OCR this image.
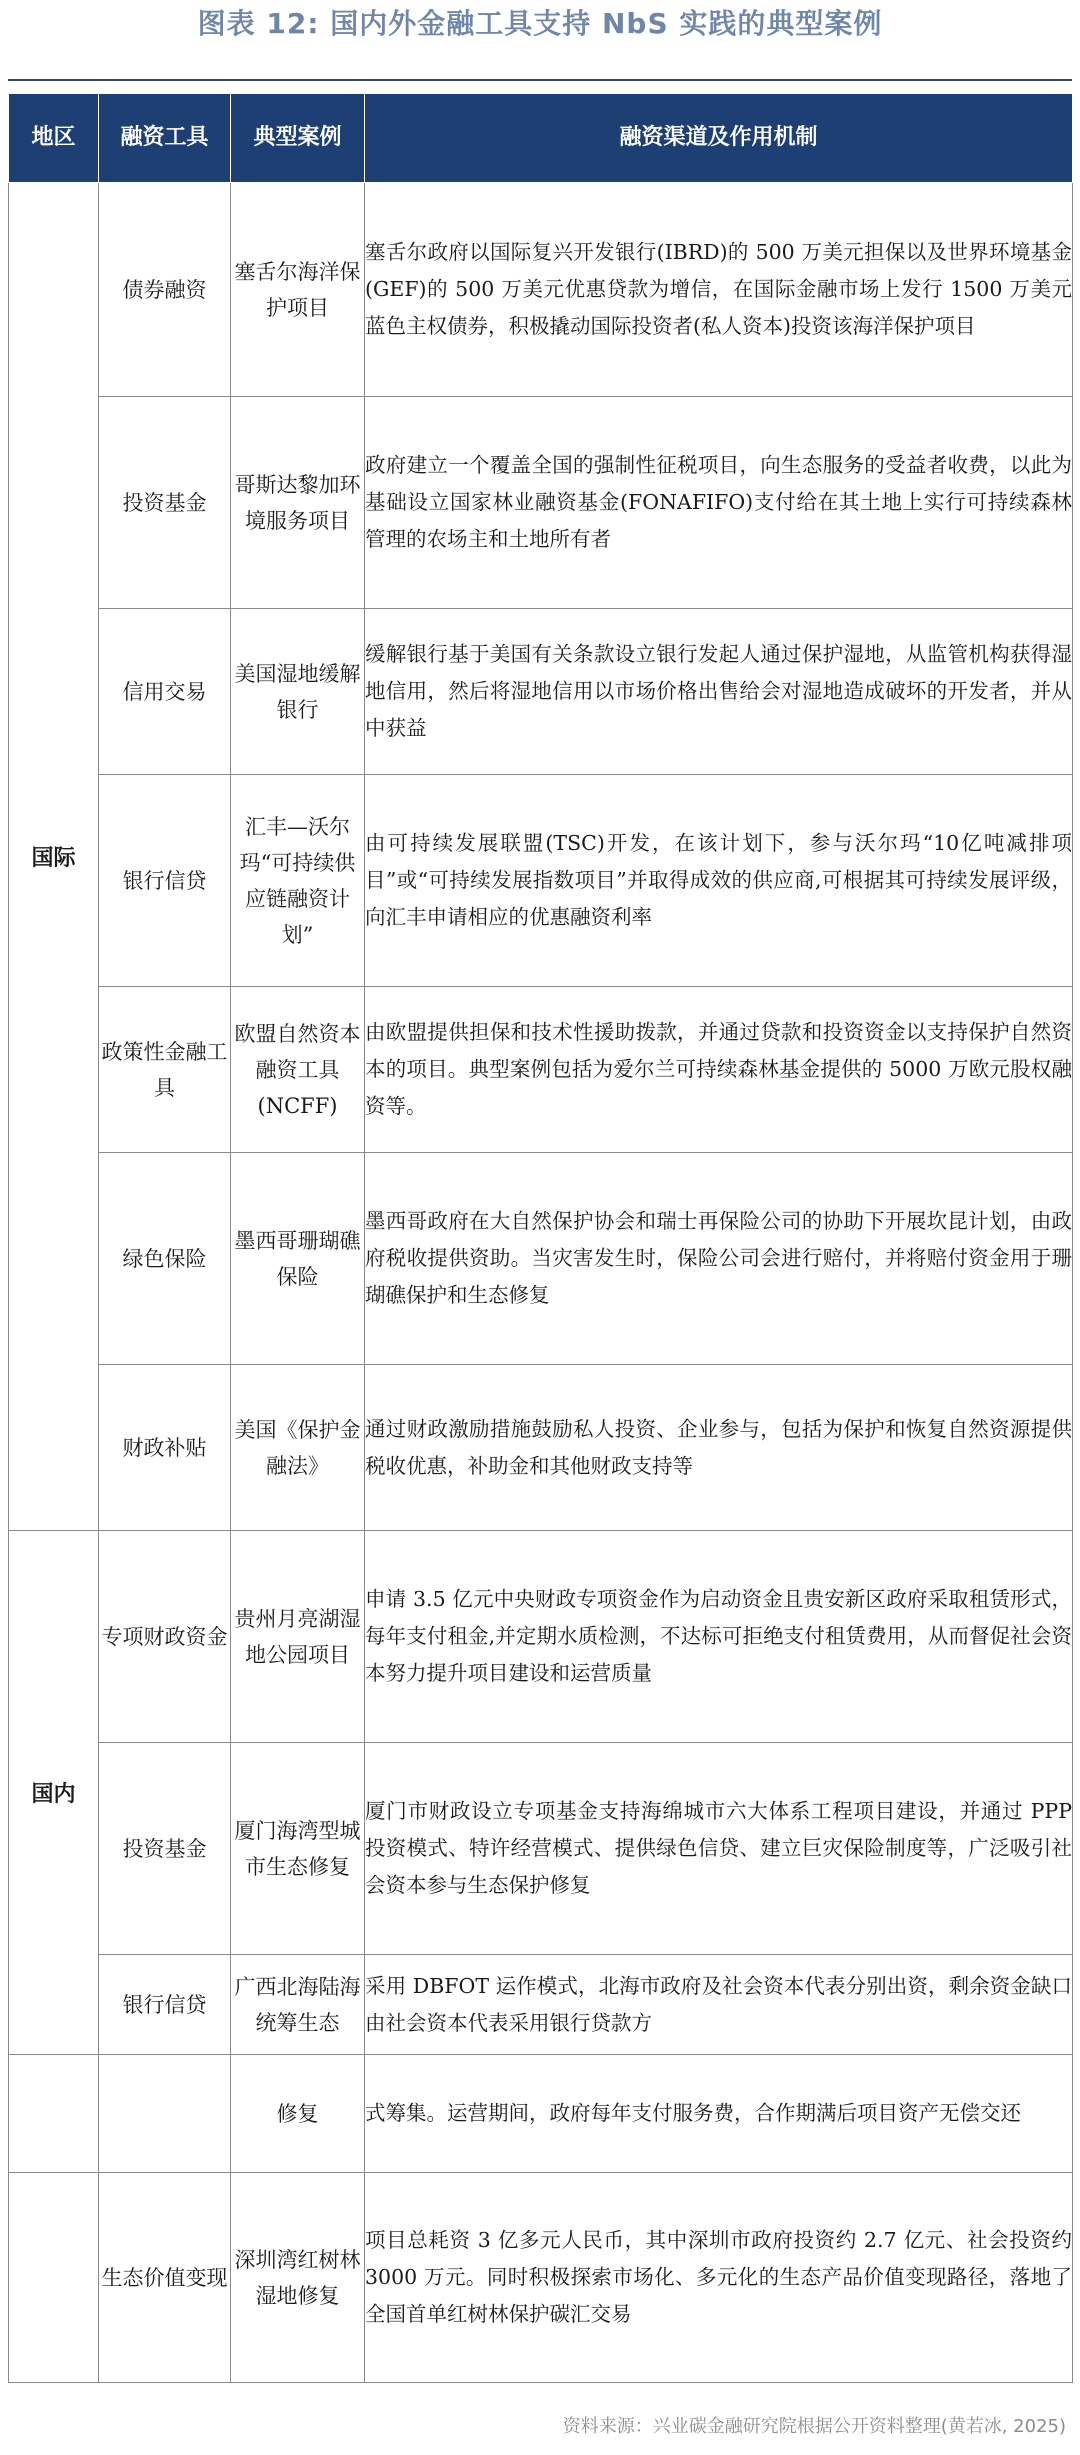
图表 12: 国内外金融工具支持 NbS 实践的典型案例
地区	融资工具	典型案例	融资渠道及作用机制
国际	债券融资	塞舌尔海洋保护项目	塞舌尔政府以国际复兴开发银行(IBRD)的 500 万美元担保以及世界环境基金(GEF)的 500 万美元优惠贷款为增信，在国际金融市场上发行 1500 万美元蓝色主权债券，积极撬动国际投资者(私人资本)投资该海洋保护项目
	投资基金	哥斯达黎加环境服务项目	政府建立一个覆盖全国的强制性征税项目，向生态服务的受益者收费，以此为基础设立国家林业融资基金(FONAFIFO)支付给在其土地上实行可持续森林管理的农场主和土地所有者
	信用交易	美国湿地缓解银行	缓解银行基于美国有关条款设立银行发起人通过保护湿地，从监管机构获得湿地信用，然后将湿地信用以市场价格出售给会对湿地造成破坏的开发者，并从中获益
	银行信贷	汇丰—沃尔玛“可持续供应链融资计划”	由可持续发展联盟(TSC)开发，在该计划下，参与沃尔玛“10亿吨减排项目”或“可持续发展指数项目”并取得成效的供应商,可根据其可持续发展评级，向汇丰申请相应的优惠融资利率
	政策性金融工具	欧盟自然资本融资工具(NCFF)	由欧盟提供担保和技术性援助拨款，并通过贷款和投资资金以支持保护自然资本的项目。典型案例包括为爱尔兰可持续森林基金提供的 5000 万欧元股权融资等。
	绿色保险	墨西哥珊瑚礁保险	墨西哥政府在大自然保护协会和瑞士再保险公司的协助下开展坎昆计划，由政府税收提供资助。当灾害发生时，保险公司会进行赔付，并将赔付资金用于珊瑚礁保护和生态修复
	财政补贴	美国《保护金融法》	通过财政激励措施鼓励私人投资、企业参与，包括为保护和恢复自然资源提供税收优惠，补助金和其他财政支持等
国内	专项财政资金	贵州月亮湖湿地公园项目	申请 3.5 亿元中央财政专项资金作为启动资金且贵安新区政府采取租赁形式，每年支付租金,并定期水质检测，不达标可拒绝支付租赁费用，从而督促社会资本努力提升项目建设和运营质量
	投资基金	厦门海湾型城市生态修复	厦门市财政设立专项基金支持海绵城市六大体系工程项目建设，并通过 PPP 投资模式、特许经营模式、提供绿色信贷、建立巨灾保险制度等，广泛吸引社会资本参与生态保护修复
	银行信贷	广西北海陆海统筹生态	采用 DBFOT 运作模式，北海市政府及社会资本代表分别出资，剩余资金缺口由社会资本代表采用银行贷款方
		修复	式筹集。运营期间，政府每年支付服务费，合作期满后项目资产无偿交还
	生态价值变现	深圳湾红树林湿地修复	项目总耗资 3 亿多元人民币，其中深圳市政府投资约 2.7 亿元、社会投资约 3000 万元。同时积极探索市场化、多元化的生态产品价值变现路径，落地了全国首单红树林保护碳汇交易
资料来源：兴业碳金融研究院根据公开资料整理(黄若冰, 2025)
